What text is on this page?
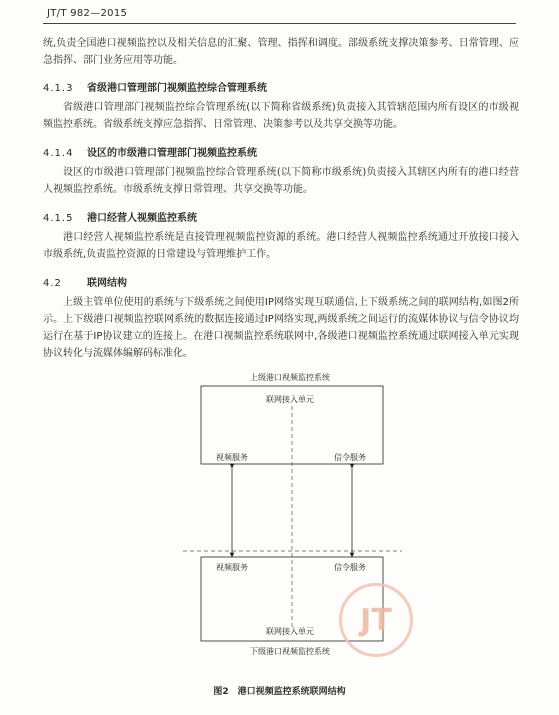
JT/T 982—2015

统,负责全国港口视频监控以及相关信息的汇聚、管理、指挥和调度。部级系统支撑决策参考、日常管理、应急指挥、部门业务应用等功能。

4.1.3 省级港口管理部门视频监控综合管理系统

省级港口管理部门视频监控综合管理系统(以下简称省级系统)负责接入其管辖范围内所有设区的市级视频监控系统。省级系统支撑应急指挥、日常管理、决策参考以及共享交换等功能。

4.1.4 设区的市级港口管理部门视频监控系统

设区的市级港口管理部门视频监控综合管理系统(以下简称市级系统)负责接入其辖区内所有的港口经营人视频监控系统。市级系统支撑日常管理、共享交换等功能。

4.1.5 港口经营人视频监控系统

港口经营人视频监控系统是直接管理视频监控资源的系统。港口经营人视频监控系统通过开放接口接入市级系统,负责监控资源的日常建设与管理维护工作。

4.2	联网结构

上级主管单位使用的系统与下级系统之间使用IP网络实现互联通信,上下级系统之间的联网结构,如图2所示。上下级港口视频监控联网系统的数据连接通过IP网络实现,两级系统之间运行的流媒体协议与信令协议均运行在基于IP协议建立的连接上。在港口视频监控系统联网中,各级港口视频监控系统通过联网接入单元实现协议转化与流媒体编解码标准化。

上级港口视频监控系统
联网接入单元
视频服务	信令服务
视频服务	信令服务
联网接入单元
下级港口视频监控系统
JT
图2　港口视频监控系统联网结构
